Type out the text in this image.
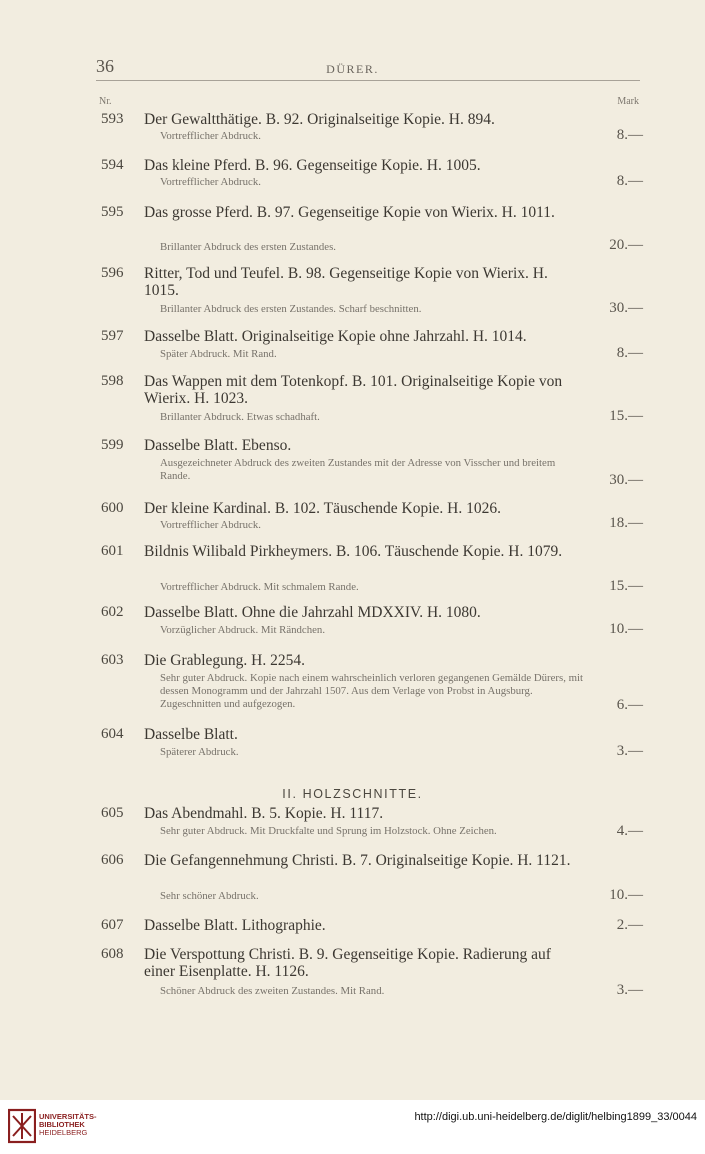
36	DÜRER.
Nr.	Mark
593 Der Gewaltthätige. B. 92. Originalseitige Kopie. H. 894.
Vortrefflicher Abdruck.	8.—
594 Das kleine Pferd. B. 96. Gegenseitige Kopie. H. 1005.
Vortrefflicher Abdruck.	8.—
595 Das grosse Pferd. B. 97. Gegenseitige Kopie von Wierix. H. 1011.
Brillanter Abdruck des ersten Zustandes.	20.—
596 Ritter, Tod und Teufel. B. 98. Gegenseitige Kopie von Wierix. H. 1015.
Brillanter Abdruck des ersten Zustandes. Scharf beschnitten.	30.—
597 Dasselbe Blatt. Originalseitige Kopie ohne Jahrzahl. H. 1014.
Später Abdruck. Mit Rand.	8.—
598 Das Wappen mit dem Totenkopf. B. 101. Originalseitige Kopie von Wierix. H. 1023.
Brillanter Abdruck. Etwas schadhaft.	15.—
599 Dasselbe Blatt. Ebenso.
Ausgezeichneter Abdruck des zweiten Zustandes mit der Adresse von Visscher und breitem Rande.	30.—
600 Der kleine Kardinal. B. 102. Täuschende Kopie. H. 1026.
Vortrefflicher Abdruck.	18.—
601 Bildnis Wilibald Pirkheymers. B. 106. Täuschende Kopie. H. 1079.
Vortrefflicher Abdruck. Mit schmalem Rande.	15.—
602 Dasselbe Blatt. Ohne die Jahrzahl MDXXIV. H. 1080.
Vorzüglicher Abdruck. Mit Rändchen.	10.—
603 Die Grablegung. H. 2254.
Sehr guter Abdruck. Kopie nach einem wahrscheinlich verloren gegangenen Gemälde Dürers, mit dessen Monogramm und der Jahrzahl 1507. Aus dem Verlage von Probst in Augsburg. Zugeschnitten und aufgezogen.	6.—
604 Dasselbe Blatt.
Späterer Abdruck.	3.—
II. HOLZSCHNITTE.
605 Das Abendmahl. B. 5. Kopie. H. 1117.
Sehr guter Abdruck. Mit Druckfalte und Sprung im Holzstock. Ohne Zeichen.	4.—
606 Die Gefangennehmung Christi. B. 7. Originalseitige Kopie. H. 1121.
Sehr schöner Abdruck.	10.—
607 Dasselbe Blatt. Lithographie.	2.—
608 Die Verspottung Christi. B. 9. Gegenseitige Kopie. Radierung auf einer Eisenplatte. H. 1126.
Schöner Abdruck des zweiten Zustandes. Mit Rand.	3.—
UNIVERSITÄTS-
BIBLIOTHEK
HEIDELBERG
http://digi.ub.uni-heidelberg.de/diglit/helbing1899_33/0044
